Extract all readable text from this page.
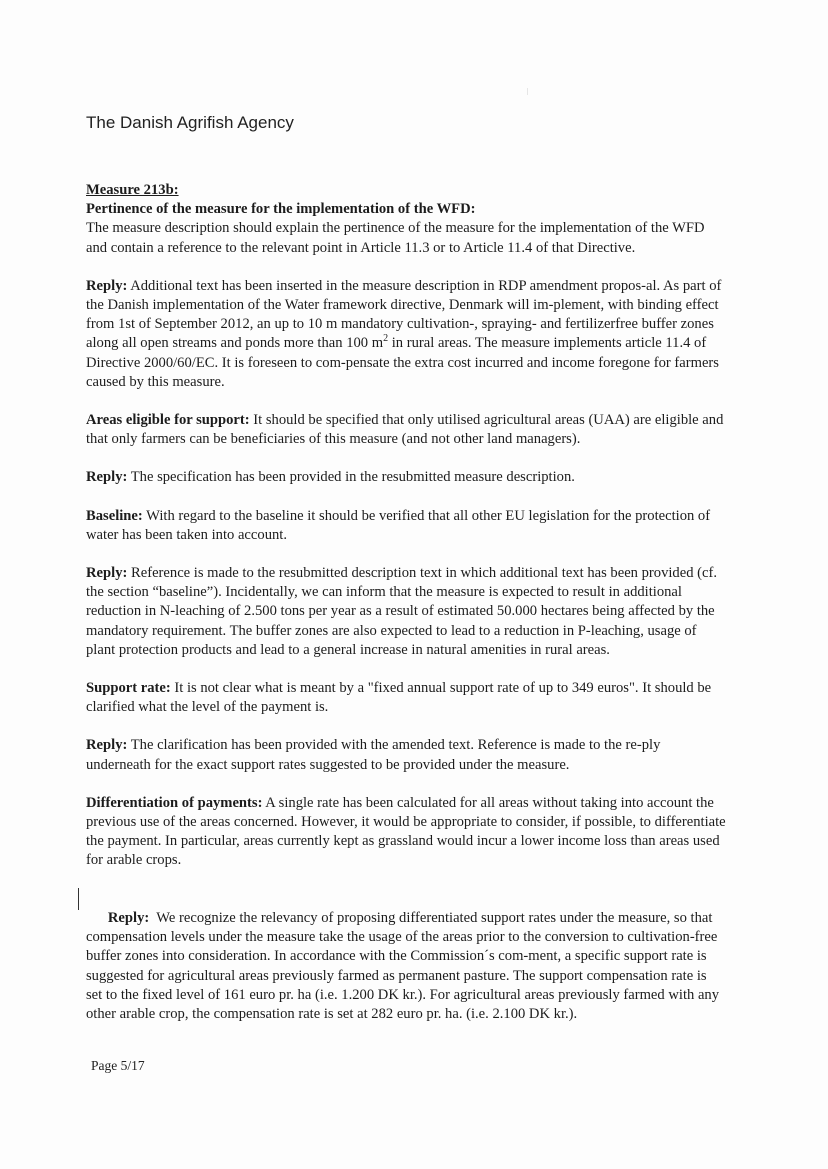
The Danish Agrifish Agency

Measure 213b:
Pertinence of the measure for the implementation of the WFD:
The measure description should explain the pertinence of the measure for the implementation of the WFD and contain a reference to the relevant point in Article 11.3 or to Article 11.4 of that Directive.

Reply: Additional text has been inserted in the measure description in RDP amendment propos-al. As part of the Danish implementation of the Water framework directive, Denmark will im-plement, with binding effect from 1st of September 2012, an up to 10 m mandatory cultivation-, spraying- and fertilizerfree buffer zones along all open streams and ponds more than 100 $m^2$ in rural areas. The measure implements article 11.4 of Directive 2000/60/EC. It is foreseen to com-pensate the extra cost incurred and income foregone for farmers caused by this measure.

Areas eligible for support: It should be specified that only utilised agricultural areas (UAA) are eligible and that only farmers can be beneficiaries of this measure (and not other land managers).

Reply: The specification has been provided in the resubmitted measure description.

Baseline: With regard to the baseline it should be verified that all other EU legislation for the protection of water has been taken into account.

Reply: Reference is made to the resubmitted description text in which additional text has been provided (cf. the section “baseline”). Incidentally, we can inform that the measure is expected to result in additional reduction in N-leaching of 2.500 tons per year as a result of estimated 50.000 hectares being affected by the mandatory requirement. The buffer zones are also expected to lead to a reduction in P-leaching, usage of plant protection products and lead to a general increase in natural amenities in rural areas.

Support rate: It is not clear what is meant by a "fixed annual support rate of up to 349 euros". It should be clarified what the level of the payment is.

Reply: The clarification has been provided with the amended text. Reference is made to the re-ply underneath for the exact support rates suggested to be provided under the measure.

Differentiation of payments: A single rate has been calculated for all areas without taking into account the previous use of the areas concerned. However, it would be appropriate to consider, if possible, to differentiate the payment. In particular, areas currently kept as grassland would incur a lower income loss than areas used for arable crops.

Reply:  We recognize the relevancy of proposing differentiated support rates under the measure, so that compensation levels under the measure take the usage of the areas prior to the conversion to cultivation-free buffer zones into consideration. In accordance with the Commission´s com-ment, a specific support rate is suggested for agricultural areas previously farmed as permanent pasture. The support compensation rate is set to the fixed level of 161 euro pr. ha (i.e. 1.200 DK kr.). For agricultural areas previously farmed with any other arable crop, the compensation rate is set at 282 euro pr. ha. (i.e. 2.100 DK kr.).

Page 5/17
